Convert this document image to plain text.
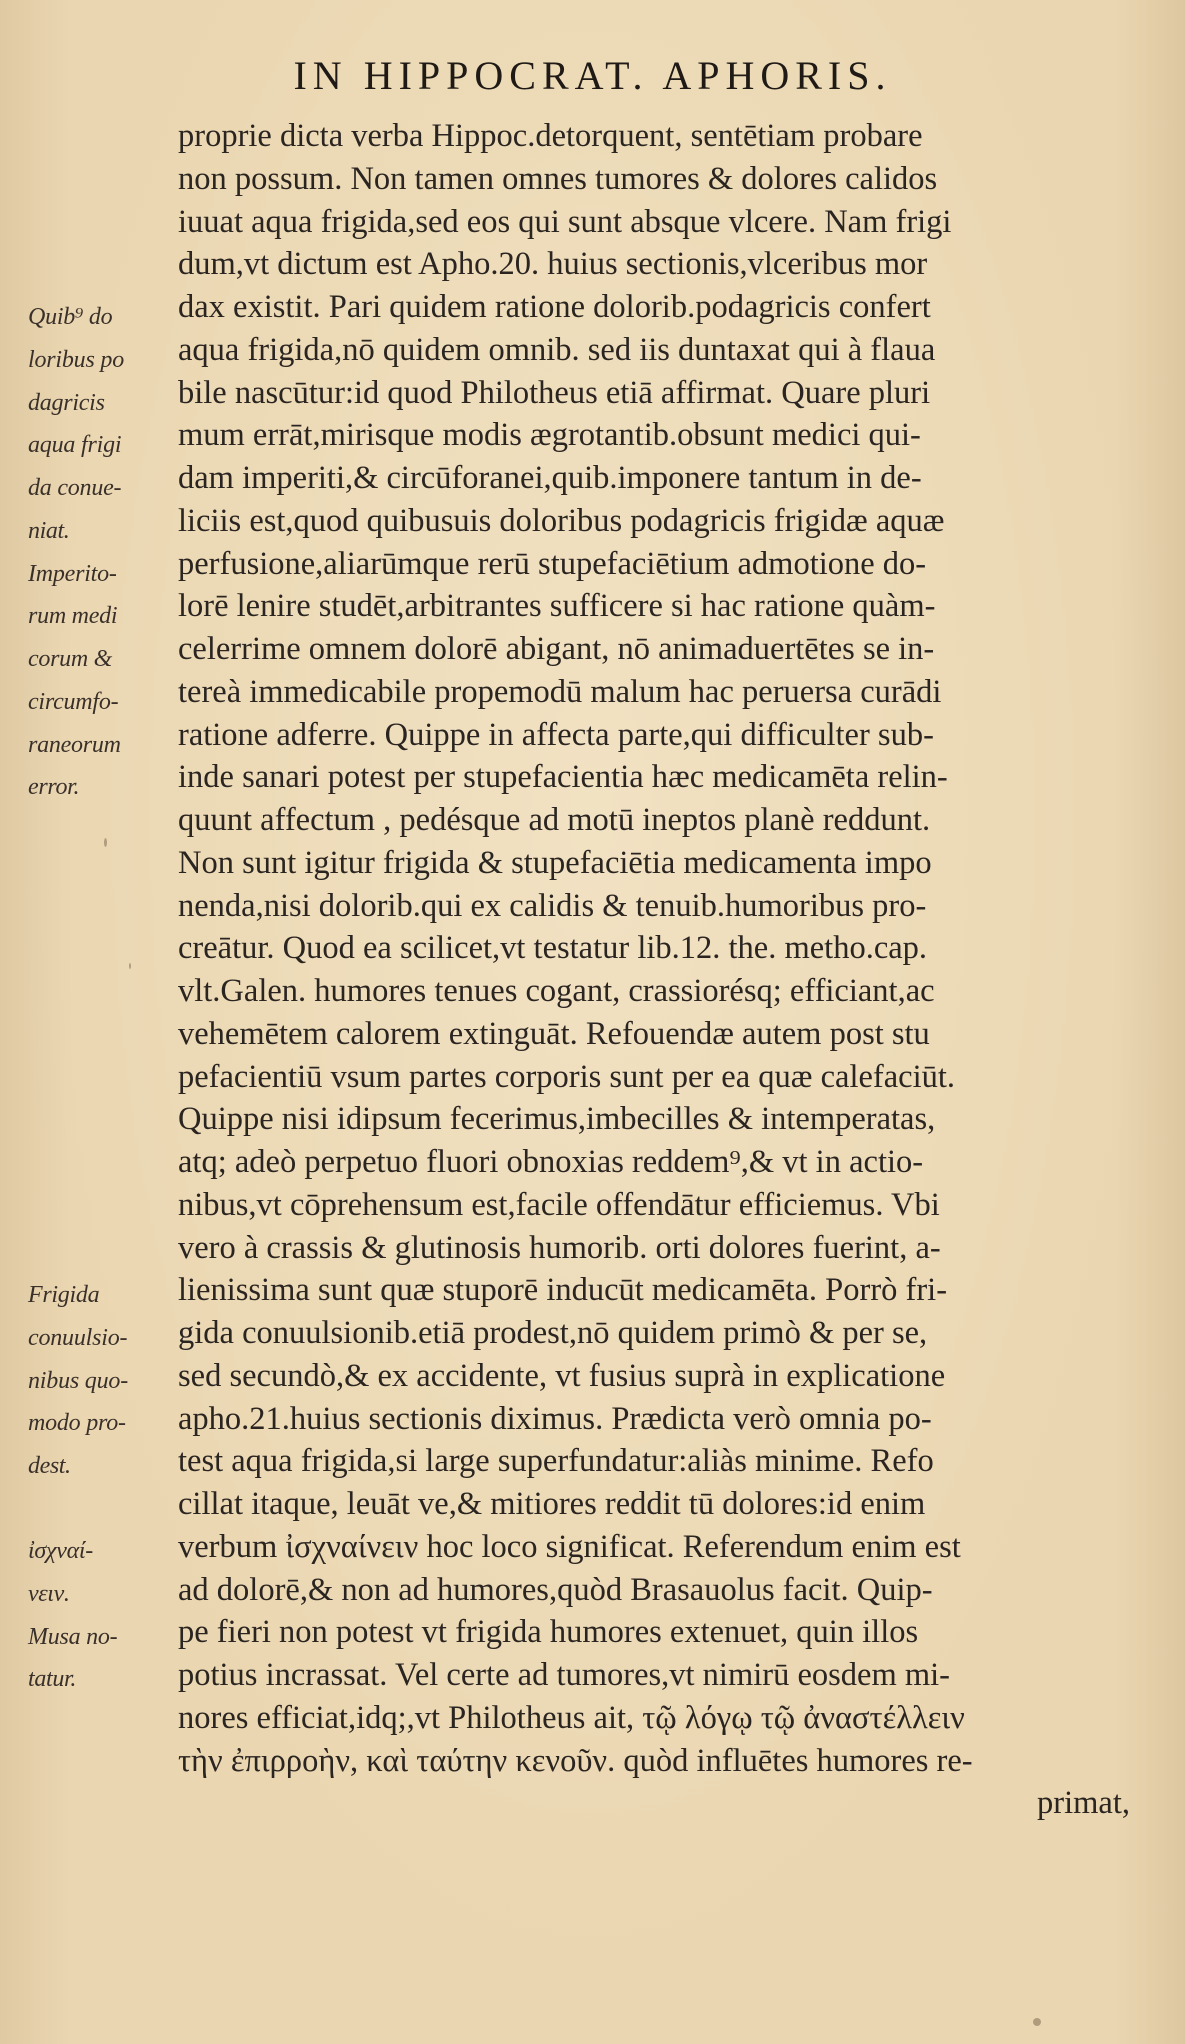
IN HIPPOCRAT. APHORIS.
Quib⁹ do
loribus po
dagricis
aqua frigi
da conue-
niat.
Imperito-
rum medi
corum &
circumfo-
raneorum
error.
Frigida
conuulsio-
nibus quo-
modo pro-
dest.
ἰσχναί-
νειν.
Musa no-
tatur.
proprie dicta verba Hippoc.detorquent, sentētiam probare
non possum. Non tamen omnes tumores & dolores calidos
iuuat aqua frigida,sed eos qui sunt absque vlcere. Nam frigi
dum,vt dictum est Apho.20. huius sectionis,vlceribus mor
dax existit. Pari quidem ratione dolorib.podagricis confert
aqua frigida,nō quidem omnib. sed iis duntaxat qui à flaua
bile nascūtur:id quod Philotheus etiā affirmat. Quare pluri
mum errāt,mirisque modis ægrotantib.obsunt medici qui-
dam imperiti,& circūforanei,quib.imponere tantum in de-
liciis est,quod quibusuis doloribus podagricis frigidæ aquæ
perfusione,aliarūmque rerū stupefaciētium admotione do-
lorē lenire studēt,arbitrantes sufficere si hac ratione quàm-
celerrime omnem dolorē abigant, nō animaduertētes se in-
tereà immedicabile propemodū malum hac peruersa curādi
ratione adferre. Quippe in affecta parte,qui difficulter sub-
inde sanari potest per stupefacientia hæc medicamēta relin-
quunt affectum , pedésque ad motū ineptos planè reddunt.
Non sunt igitur frigida & stupefaciētia medicamenta impo
nenda,nisi dolorib.qui ex calidis & tenuib.humoribus pro-
creātur. Quod ea scilicet,vt testatur lib.12. the. metho.cap.
vlt.Galen. humores tenues cogant, crassiorésq; efficiant,ac
vehemētem calorem extinguāt. Refouendæ autem post stu
pefacientiū vsum partes corporis sunt per ea quæ calefaciūt.
Quippe nisi idipsum fecerimus,imbecilles & intemperatas,
atq; adeò perpetuo fluori obnoxias reddem⁹,& vt in actio-
nibus,vt cōprehensum est,facile offendātur efficiemus. Vbi
vero à crassis & glutinosis humorib. orti dolores fuerint, a-
lienissima sunt quæ stuporē inducūt medicamēta. Porrò fri-
gida conuulsionib.etiā prodest,nō quidem primò & per se,
sed secundò,& ex accidente, vt fusius suprà in explicatione
apho.21.huius sectionis diximus. Prædicta verò omnia po-
test aqua frigida,si large superfundatur:aliàs minime. Refo
cillat itaque, leuāt ve,& mitiores reddit tū dolores:id enim
verbum ἰσχναίνειν hoc loco significat. Referendum enim est
ad dolorē,& non ad humores,quòd Brasauolus facit. Quip-
pe fieri non potest vt frigida humores extenuet, quin illos
potius incrassat. Vel certe ad tumores,vt nimirū eosdem mi-
nores efficiat,idq;,vt Philotheus ait, τῷ λόγῳ τῷ ἀναστέλλειν
τὴν ἐπιρροὴν, καὶ ταύτην κενοῦν. quòd influētes humores re-
primat,
